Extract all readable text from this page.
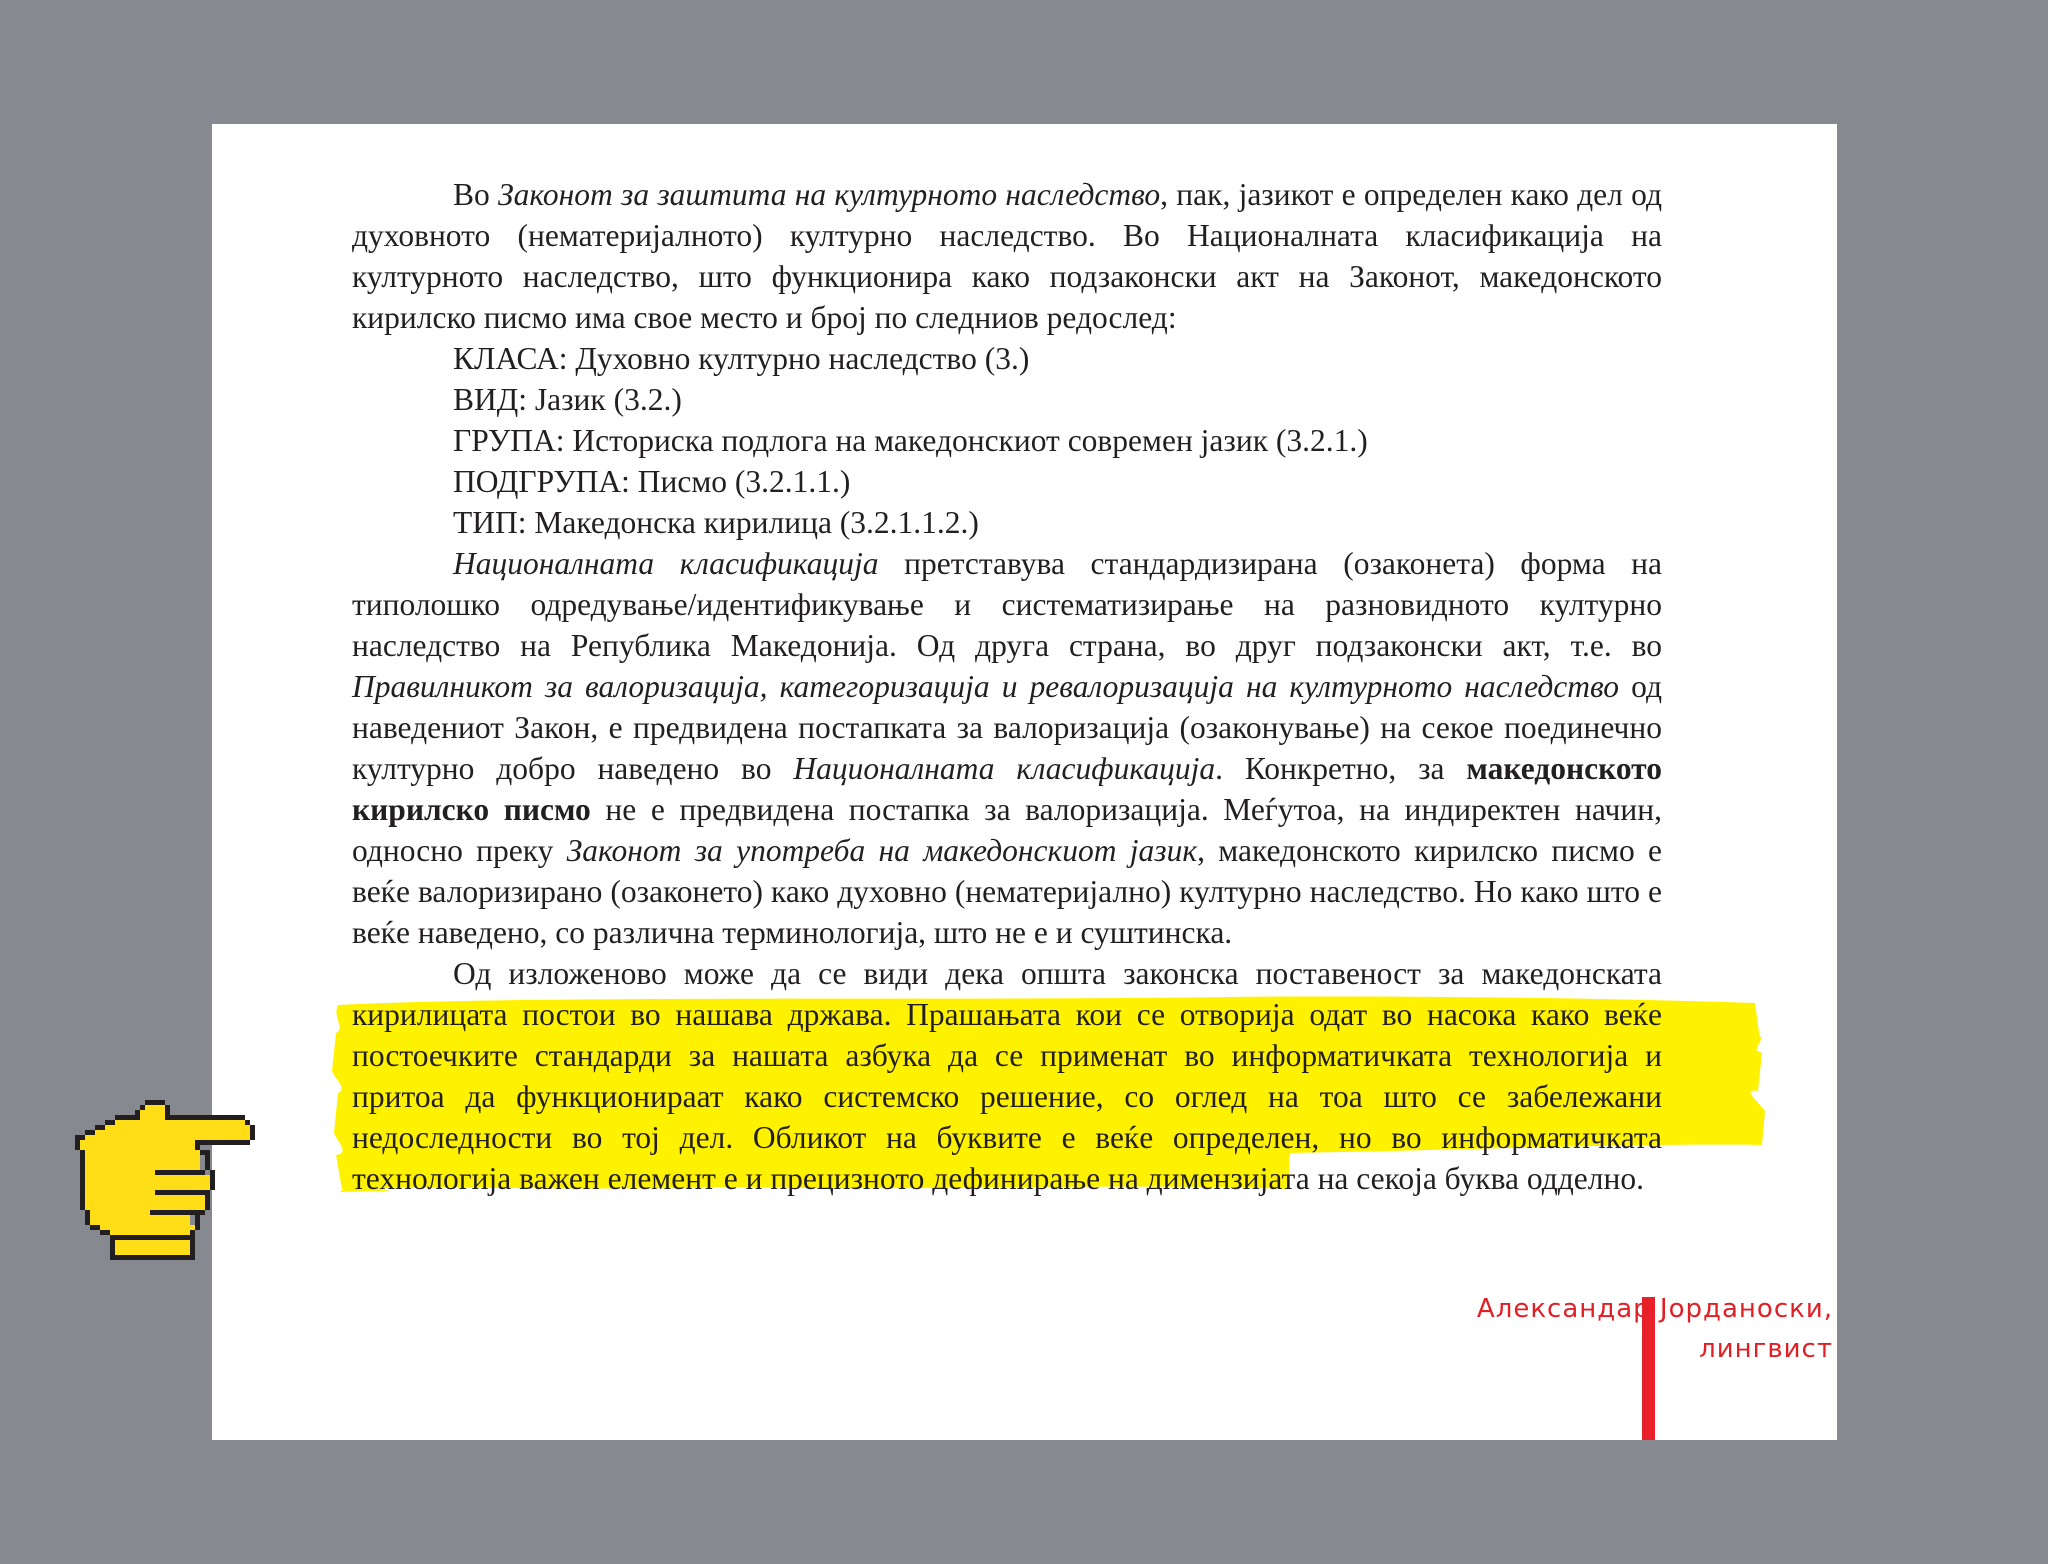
Во Законот за заштита на културното наследство, пак, јазикот е определен како дел од духовното (нематеријалното) културно наследство. Во Националната класификација на културното наследство, што функционира како подзаконски акт на Законот, македонското кирилско писмо има свое место и број по следниов редослед:

КЛАСА: Духовно културно наследство (3.)

ВИД: Јазик (3.2.)

ГРУПА: Историска подлога на македонскиот современ јазик (3.2.1.)

ПОДГРУПА: Писмо (3.2.1.1.)

ТИП: Македонска кирилица (3.2.1.1.2.)

Националната класификација претставува стандардизирана (озаконета) форма на типолошко одредување/идентификување и систематизирање на разновидното културно наследство на Република Македонија. Од друга страна, во друг подзаконски акт, т.е. во Правилникот за валоризација, категоризација и ревалоризација на културното наследство од наведениот Закон, е предвидена постапката за валоризација (озаконување) на секое поединечно културно добро наведено во Националната класификација. Конкретно, за македонското кирилско писмо не е предвидена постапка за валоризација. Меѓутоа, на индиректен начин, односно преку Законот за употреба на македонскиот јазик, македонското кирилско писмо е веќе валоризирано (озаконето) како духовно (нематеријално) културно наследство. Но како што е веќе наведено, со различна терминологија, што не е и суштинска.

Од изложеново може да се види дека општа законска поставеност за македонската кирилицата постои во нашава држава. Прашањата кои се отворија одат во насока како веќе постоечките стандарди за нашата азбука да се применат во информатичката технологија и притоа да функционираат како системско решение, со оглед на тоа што се забележани недоследности во тој дел. Обликот на буквите е веќе определен, но во информатичката технологија важен елемент е и прецизното дефинирање на димензијата на секоја буква одделно.

Александар Јорданоски,
лингвист
